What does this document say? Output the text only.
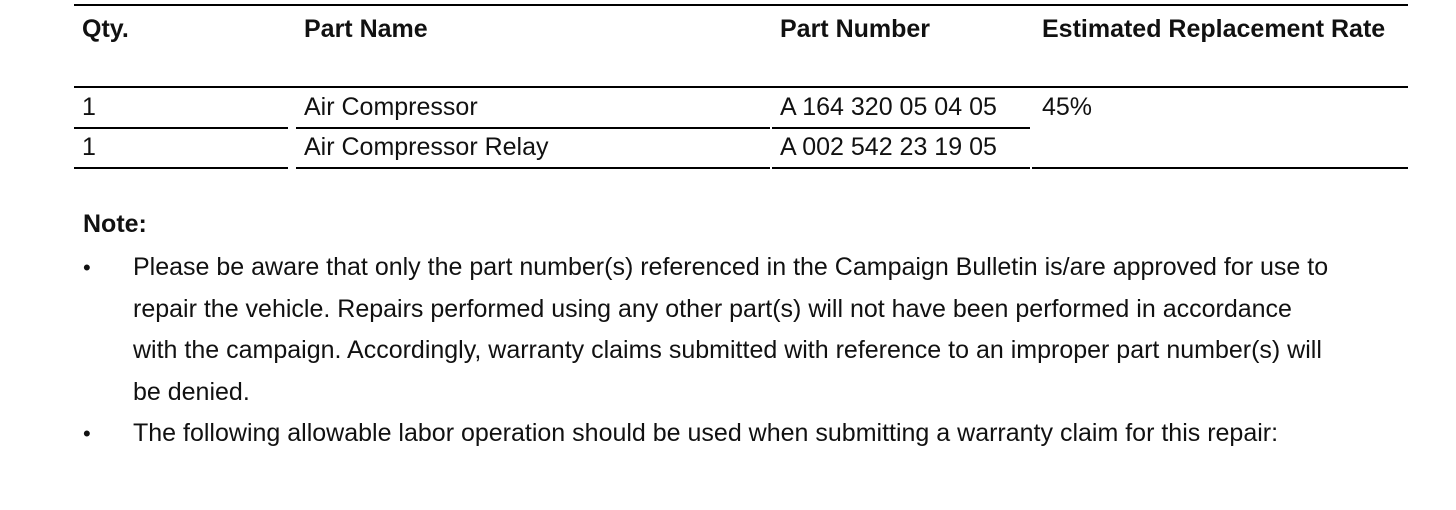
Qty.	Part Name	Part Number	Estimated Replacement Rate
1	Air Compressor	A 164 320 05 04 05	45%
1	Air Compressor Relay	A 002 542 23 19 05
Note:
• Please be aware that only the part number(s) referenced in the Campaign Bulletin is/are approved for use to repair the vehicle. Repairs performed using any other part(s) will not have been performed in accordance with the campaign. Accordingly, warranty claims submitted with reference to an improper part number(s) will be denied.
• The following allowable labor operation should be used when submitting a warranty claim for this repair:
